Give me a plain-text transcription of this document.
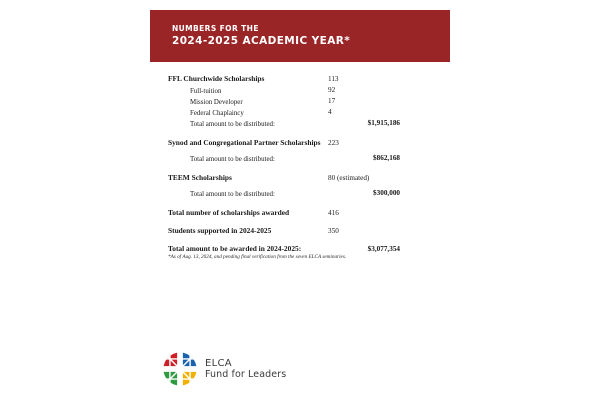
NUMBERS FOR THE
2024-2025 ACADEMIC YEAR*
FFL Churchwide Scholarships	113
Full-tuition	92
Mission Developer	17
Federal Chaplaincy	4
Total amount to be distributed:	$1,915,186
Synod and Congregational Partner Scholarships 223
Total amount to be distributed:	$862,168
TEEM Scholarships	80 (estimated)
Total amount to be distributed:	$300,000
Total number of scholarships awarded	416
Students supported in 2024-2025	350
Total amount to be awarded in 2024-2025:	$3,077,354
*As of Aug. 13, 2024, and pending final verification from the seven ELCA seminaries.
ELCA
Fund for Leaders
